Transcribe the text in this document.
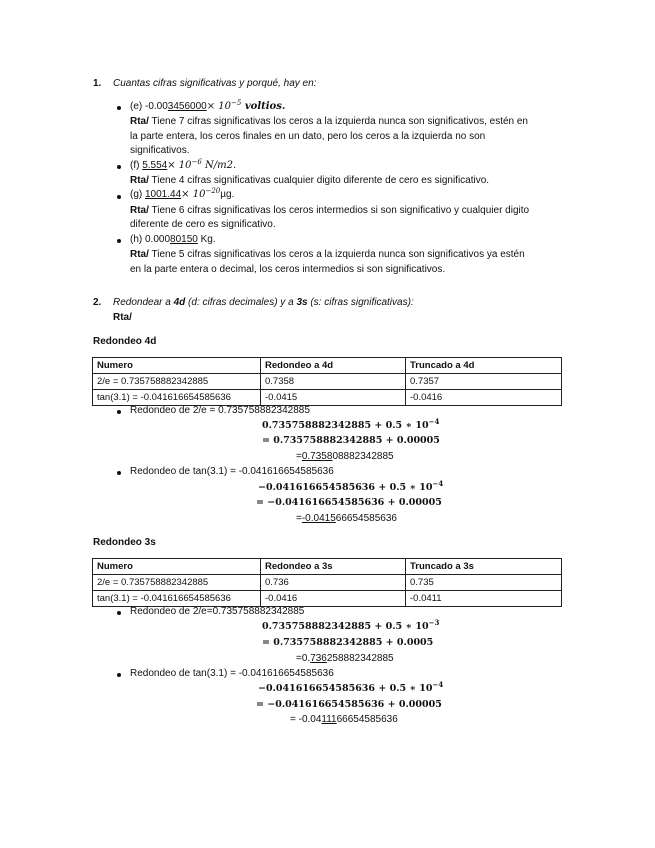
1. Cuantas cifras significativas y porqué, hay en:
(e) $-0.003456000\times 10^{-5}$ voltios.
Rta/ Tiene 7 cifras significativas los ceros a la izquierda nunca son significativos, estén en
la parte entera, los ceros finales en un dato, pero los ceros a la izquierda no son
significativos.
(f) $5.554\times 10^{-6}$ N/m2.
Rta/ Tiene 4 cifras significativas cualquier digito diferente de cero es significativo.
(g) $1001.44\times 10^{-20}\mu g$.
Rta/ Tiene 6 cifras significativas los ceros intermedios si son significativo y cualquier digito
diferente de cero es significativo.
(h) 0.00080150 Kg.
Rta/ Tiene 5 cifras significativas los ceros a la izquierda nunca son significativos ya estén
en la parte entera o decimal, los ceros intermedios si son significativos.
2. Redondear a 4d (d: cifras decimales) y a 3s (s: cifras significativas):
Rta/
Redondeo 4d
Numero	Redondeo a 4d	Truncado a 4d
2/e = 0.735758882342885	0.7358	0.7357
tan(3.1) = -0.041616654585636	-0.0415	-0.0416
Redondeo de 2/e = 0.735758882342885
0.735758882342885 + 0.5 ∗ $10^{-4}$
= 0.735758882342885 + 0.00005
=0.735808882342885
Redondeo de tan(3.1) = -0.041616654585636
−0.041616654585636 + 0.5 ∗ $10^{-4}$
= −0.041616654585636 + 0.00005
=-0.041566654585636
Redondeo 3s
Numero	Redondeo a 3s	Truncado a 3s
2/e = 0.735758882342885	0.736	0.735
tan(3.1) = -0.041616654585636	-0.0416	-0.0411
Redondeo de 2/e=0.735758882342885
0.735758882342885 + 0.5 ∗ $10^{-3}$
= 0.735758882342885 + 0.0005
=0.736258882342885
Redondeo de tan(3.1) = -0.041616654585636
−0.041616654585636 + 0.5 ∗ $10^{-4}$
= −0.041616654585636 + 0.00005
= -0.0411166654585636
